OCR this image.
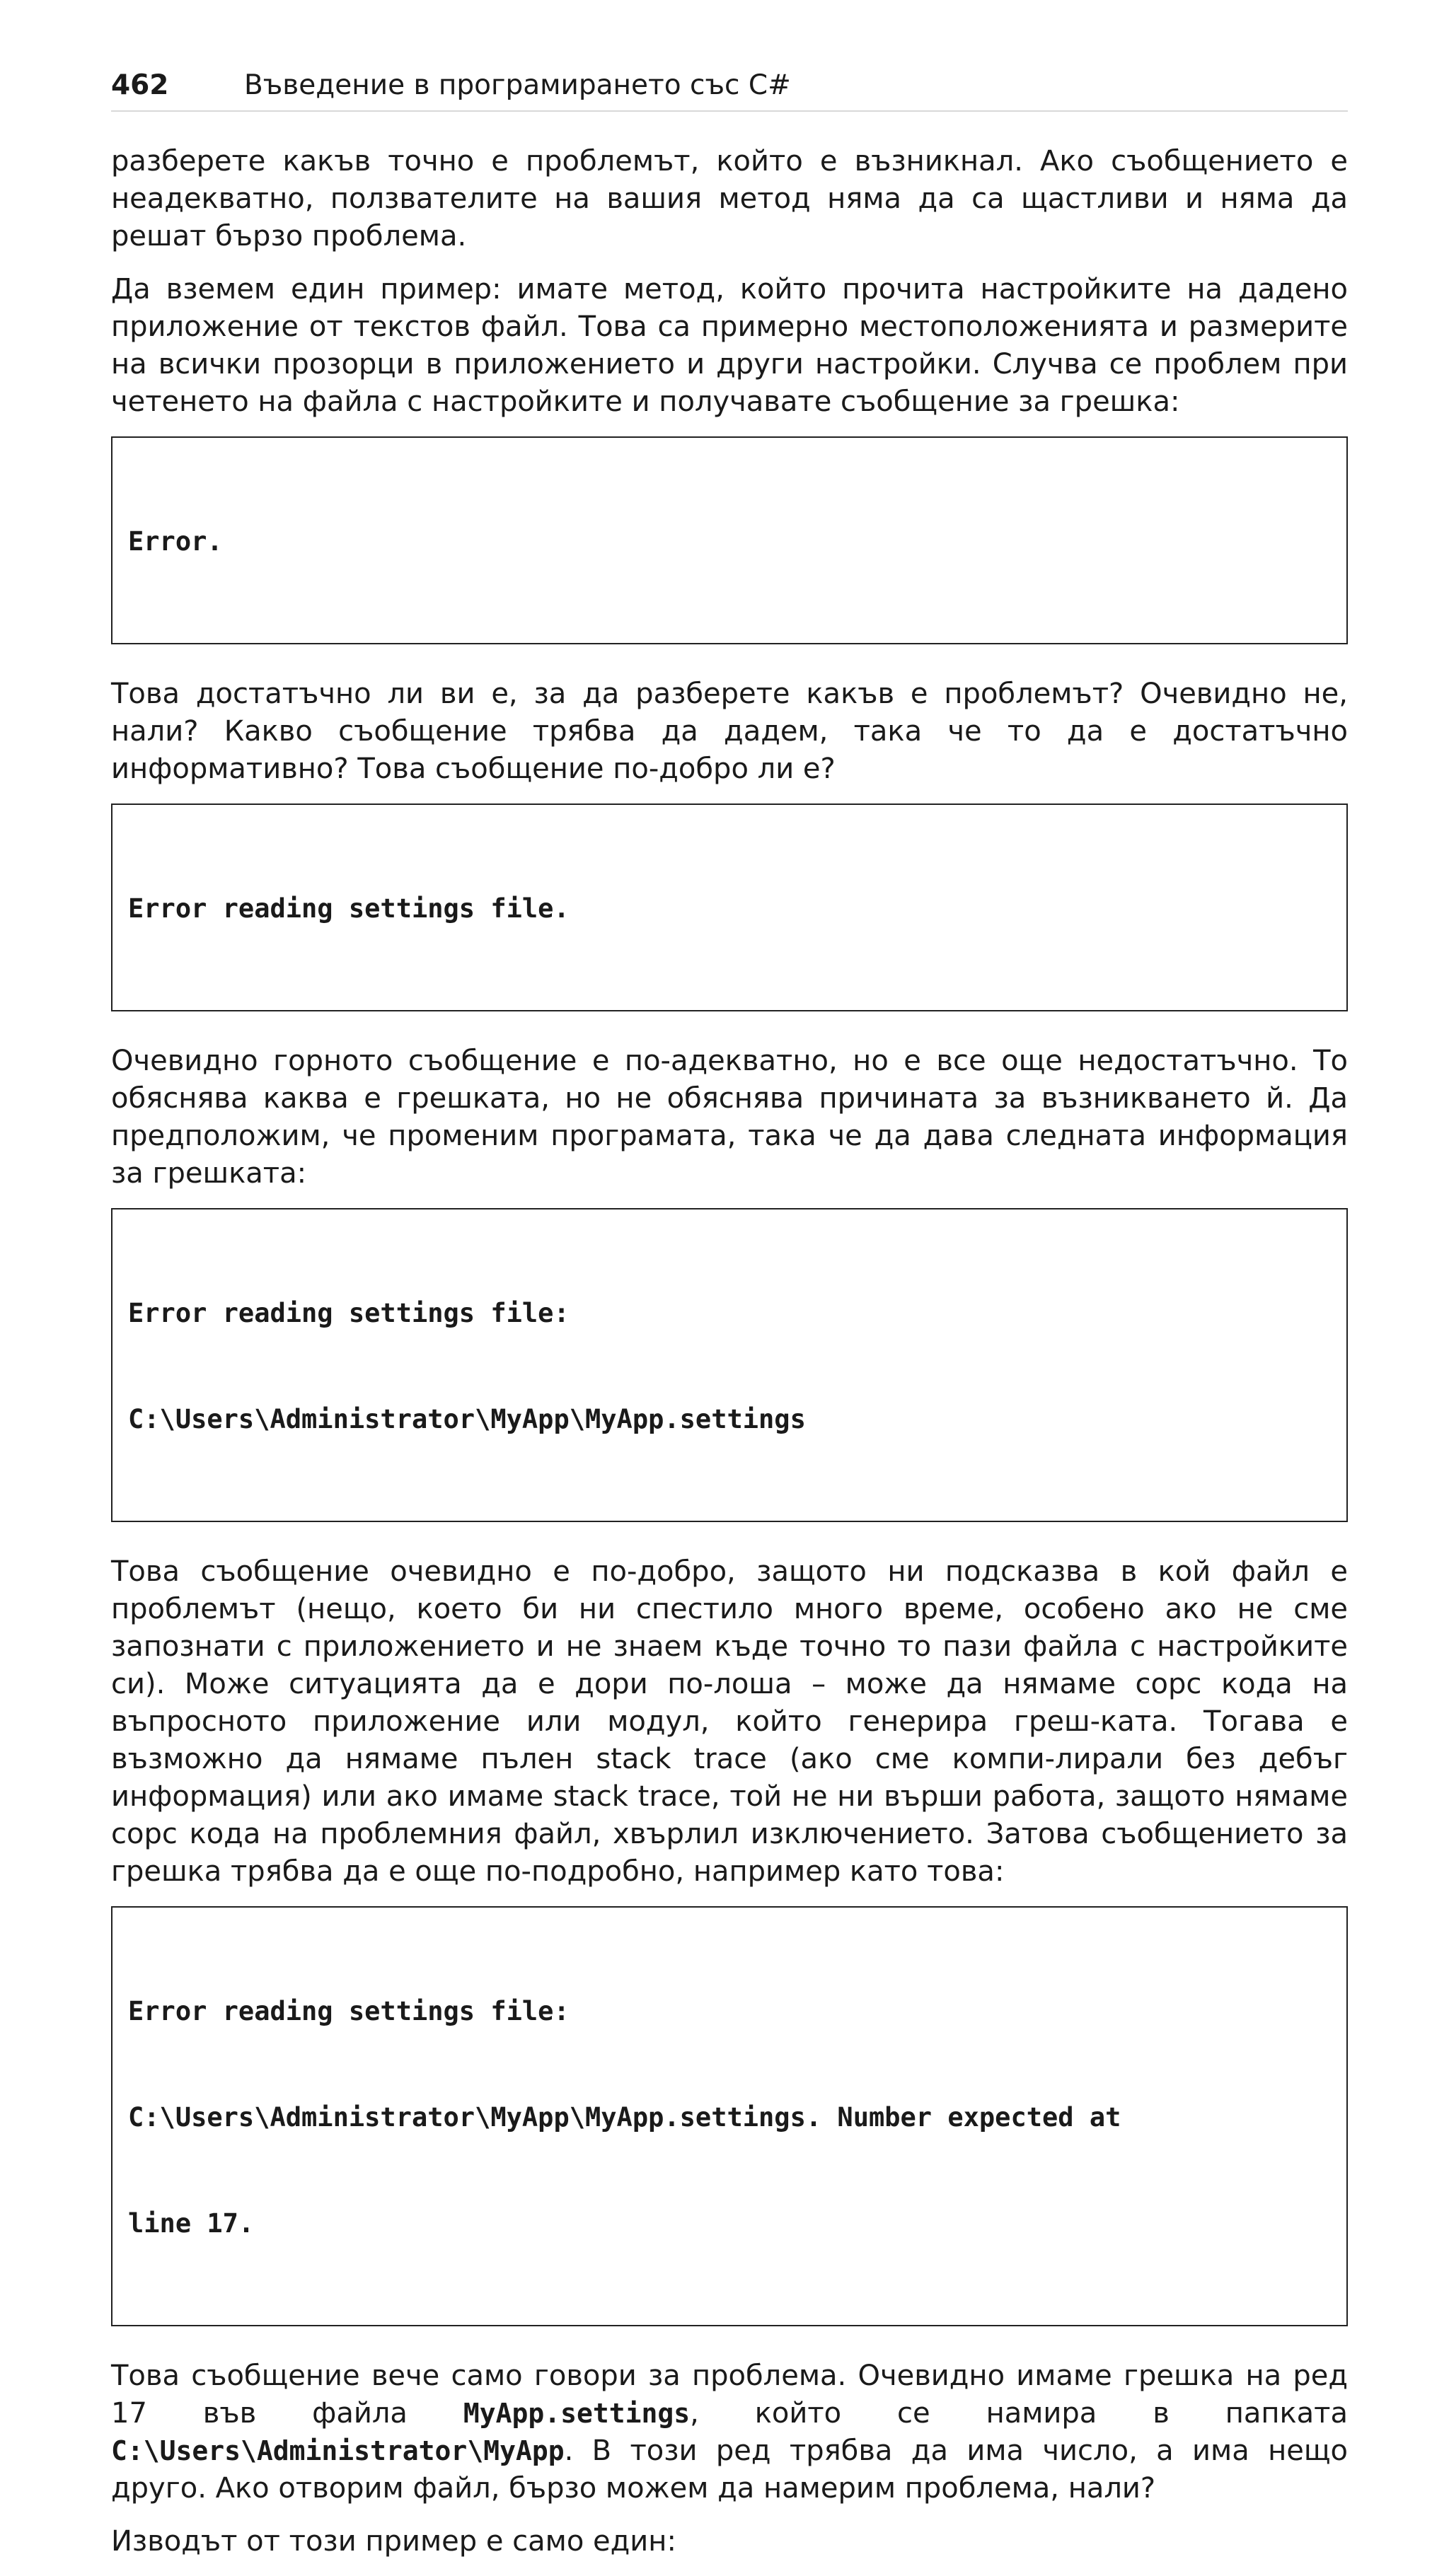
462	Въведение в програмирането със C#

разберете какъв точно е проблемът, който е възникнал. Ако съобщението е неадекватно, ползвателите на вашия метод няма да са щастливи и няма да решат бързо проблема.

Да вземем един пример: имате метод, който прочита настройките на дадено приложение от текстов файл. Това са примерно местоположенията и размерите на всички прозорци в приложението и други настройки. Случва се проблем при четенето на файла с настройките и получавате съобщение за грешка:

Error.

Това достатъчно ли ви е, за да разберете какъв е проблемът? Очевидно не, нали? Какво съобщение трябва да дадем, така че то да е достатъчно информативно? Това съобщение по-добро ли е?

Error reading settings file.

Очевидно горното съобщение е по-адекватно, но е все още недостатъчно. То обяснява каква е грешката, но не обяснява причината за възникването й. Да предположим, че променим програмата, така че да дава следната информация за грешката:

Error reading settings file:

C:\Users\Administrator\MyApp\MyApp.settings

Това съобщение очевидно е по-добро, защото ни подсказва в кой файл е проблемът (нещо, което би ни спестило много време, особено ако не сме запознати с приложението и не знаем къде точно то пази файла с настройките си). Може ситуацията да е дори по-лоша – може да нямаме сорс кода на въпросното приложение или модул, който генерира греш-ката. Тогава е възможно да нямаме пълен stack trace (ако сме компи-лирали без дебъг информация) или ако имаме stack trace, той не ни върши работа, защото нямаме сорс кода на проблемния файл, хвърлил изключението. Затова съобщението за грешка трябва да е още по-подробно, например като това:

Error reading settings file:

C:\Users\Administrator\MyApp\MyApp.settings. Number expected at

line 17.

Това съобщение вече само говори за проблема. Очевидно имаме грешка на ред 17 във файла MyApp.settings, който се намира в папката C:\Users\Administrator\MyApp. В този ред трябва да има число, а има нещо друго. Ако отворим файл, бързо можем да намерим проблема, нали?

Изводът от този пример е само един:
